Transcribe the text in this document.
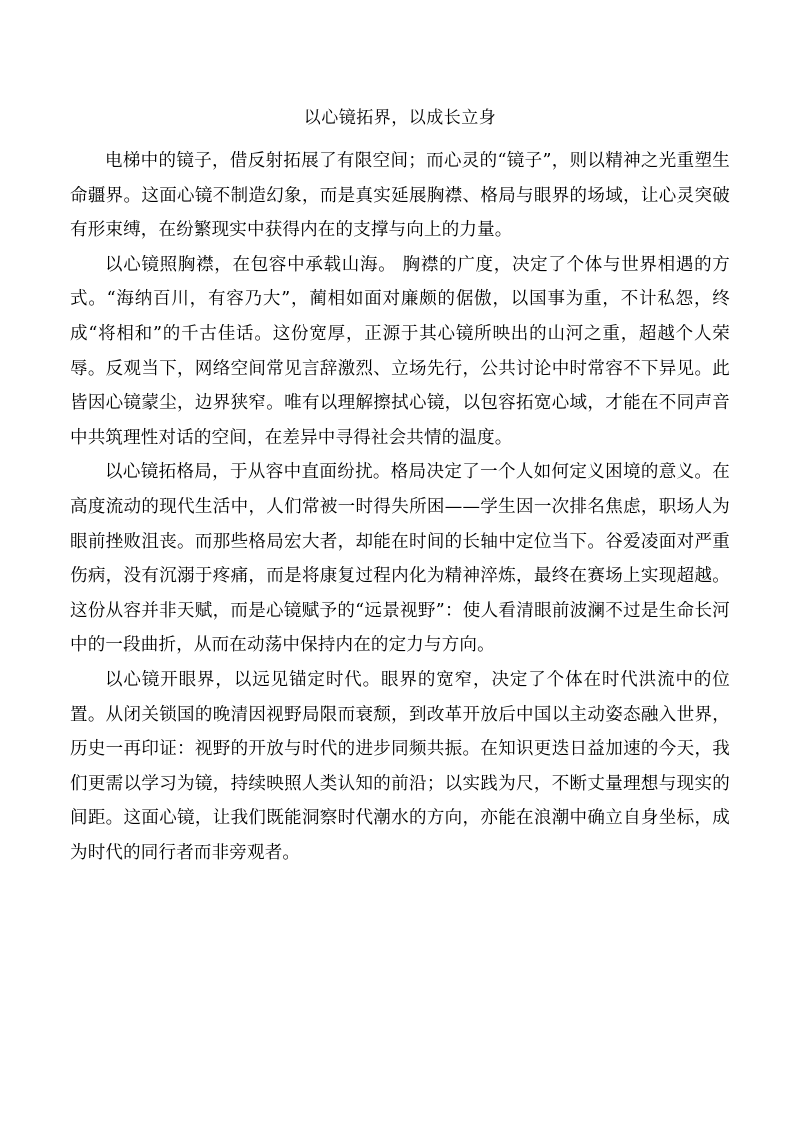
以心镜拓界，以成长立身

电梯中的镜子，借反射拓展了有限空间；而心灵的“镜子”，则以精神之光重塑生命疆界。这面心镜不制造幻象，而是真实延展胸襟、格局与眼界的场域，让心灵突破有形束缚，在纷繁现实中获得内在的支撑与向上的力量。

以心镜照胸襟，在包容中承载山海。 胸襟的广度，决定了个体与世界相遇的方式。“海纳百川，有容乃大”，蔺相如面对廉颇的倨傲，以国事为重，不计私怨，终成“将相和”的千古佳话。这份宽厚，正源于其心镜所映出的山河之重，超越个人荣辱。反观当下，网络空间常见言辞激烈、立场先行，公共讨论中时常容不下异见。此皆因心镜蒙尘，边界狭窄。唯有以理解擦拭心镜，以包容拓宽心域，才能在不同声音中共筑理性对话的空间，在差异中寻得社会共情的温度。

以心镜拓格局，于从容中直面纷扰。格局决定了一个人如何定义困境的意义。在高度流动的现代生活中，人们常被一时得失所困——学生因一次排名焦虑，职场人为眼前挫败沮丧。而那些格局宏大者，却能在时间的长轴中定位当下。谷爱凌面对严重伤病，没有沉溺于疼痛，而是将康复过程内化为精神淬炼，最终在赛场上实现超越。这份从容并非天赋，而是心镜赋予的“远景视野”：使人看清眼前波澜不过是生命长河中的一段曲折，从而在动荡中保持内在的定力与方向。

以心镜开眼界，以远见锚定时代。眼界的宽窄，决定了个体在时代洪流中的位置。从闭关锁国的晚清因视野局限而衰颓，到改革开放后中国以主动姿态融入世界，历史一再印证：视野的开放与时代的进步同频共振。在知识更迭日益加速的今天，我们更需以学习为镜，持续映照人类认知的前沿；以实践为尺，不断丈量理想与现实的间距。这面心镜，让我们既能洞察时代潮水的方向，亦能在浪潮中确立自身坐标，成为时代的同行者而非旁观者。
